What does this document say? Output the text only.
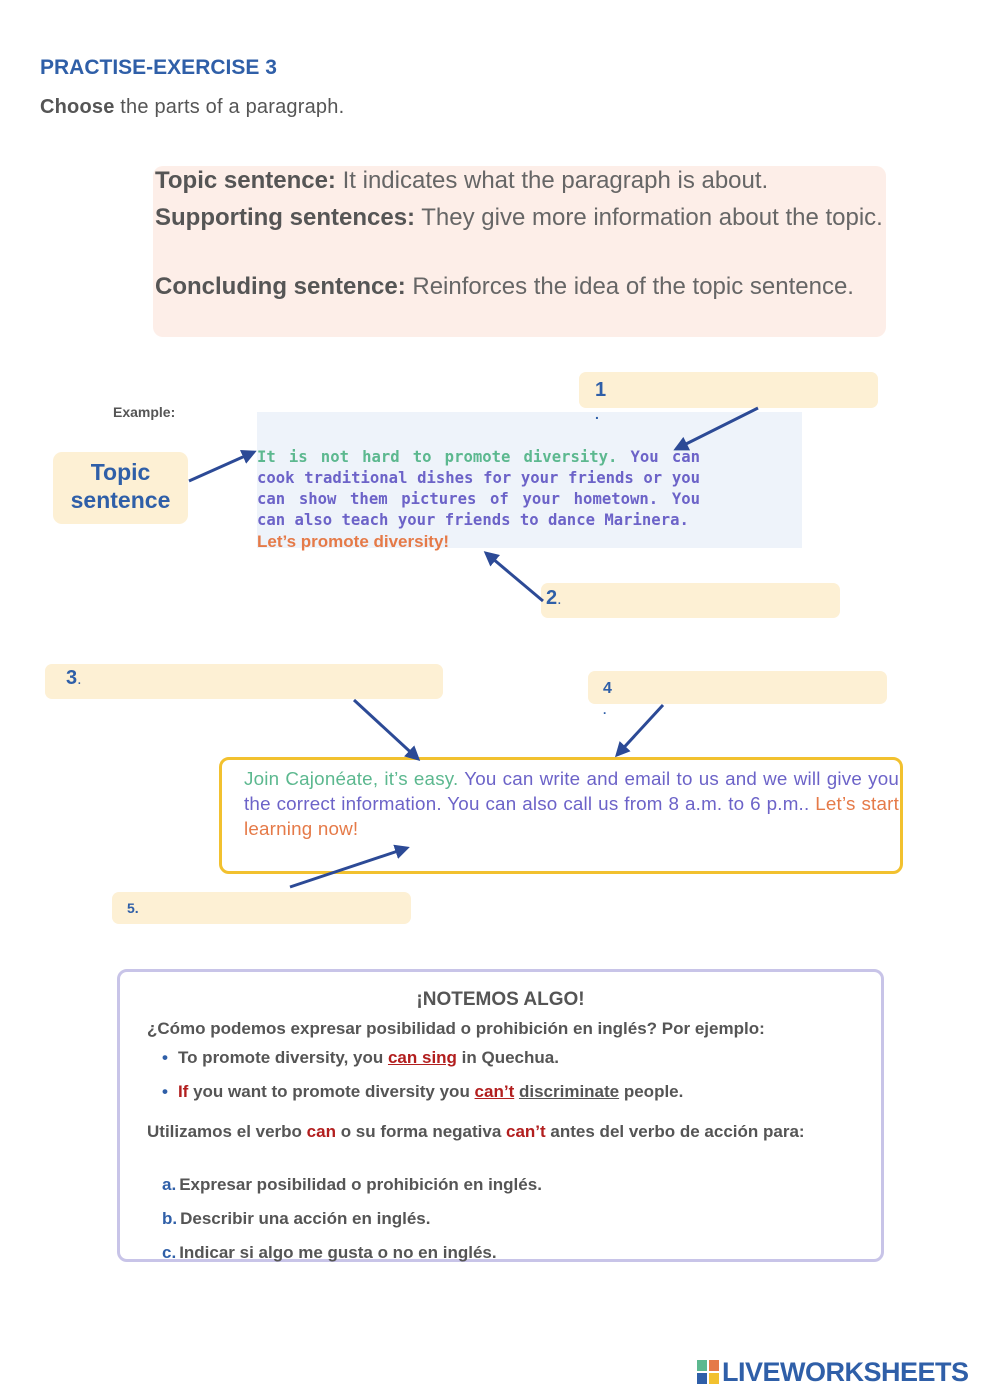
PRACTISE-EXERCISE 3
Choose the parts of a paragraph.

Topic sentence: It indicates what the paragraph is about.

Supporting sentences: They give more information about the topic.

Concluding sentence: Reinforces the idea of the topic sentence.

Example:
Topic
sentence
It is not hard to promote diversity. You can cook traditional dishes for your friends or you can show them pictures of your hometown. You can also teach your friends to dance Marinera.
Let’s promote diversity!
1
.
2.
3.
4
.
5.
Join Cajonéate, it’s easy. You can write and email to us and we will give you the correct information. You can also call us from 8 a.m. to 6 p.m.. Let’s start learning now!
¡NOTEMOS ALGO!
¿Cómo podemos expresar posibilidad o prohibición en inglés? Por ejemplo:
• To promote diversity, you can sing in Quechua.
• If you want to promote diversity you can’t discriminate people.
Utilizamos el verbo can o su forma negativa can’t antes del verbo de acción para:
a. Expresar posibilidad o prohibición en inglés.
b. Describir una acción en inglés.
c. Indicar si algo me gusta o no en inglés.
LIVEWORKSHEETS
